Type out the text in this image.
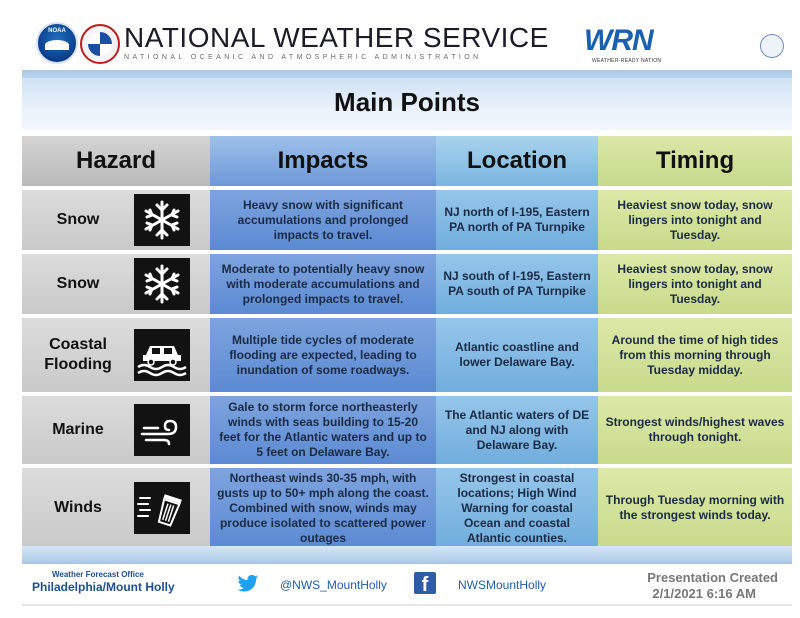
NOAA	NATIONAL WEATHER SERVICE
NATIONAL OCEANIC AND ATMOSPHERIC ADMINISTRATION
WRN
WEATHER-READY NATION
Main Points
Hazard	Impacts	Location	Timing

Snow	Heavy snow with significant accumulations and prolonged impacts to travel.	NJ north of I-195, Eastern PA north of PA Turnpike	Heaviest snow today, snow lingers into tonight and Tuesday.

Snow	Moderate to potentially heavy snow with moderate accumulations and prolonged impacts to travel.	NJ south of I-195, Eastern PA south of PA Turnpike	Heaviest snow today, snow lingers into tonight and Tuesday.

Coastal Flooding	Multiple tide cycles of moderate flooding are expected, leading to inundation of some roadways.	Atlantic coastline and lower Delaware Bay.	Around the time of high tides from this morning through Tuesday midday.

Marine	Gale to storm force northeasterly winds with seas building to 15-20 feet for the Atlantic waters and up to 5 feet on Delaware Bay.	The Atlantic waters of DE and NJ along with Delaware Bay.	Strongest winds/highest waves through tonight.

Winds	Northeast winds 30-35 mph, with gusts up to 50+ mph along the coast. Combined with snow, winds may produce isolated to scattered power outages	Strongest in coastal locations; High Wind Warning for coastal Ocean and coastal Atlantic counties.	Through Tuesday morning with the strongest winds today.
Weather Forecast Office
Philadelphia/Mount Holly	@NWS_MountHolly	f	NWSMountHolly	Presentation Created
2/1/2021 6:16 AM
